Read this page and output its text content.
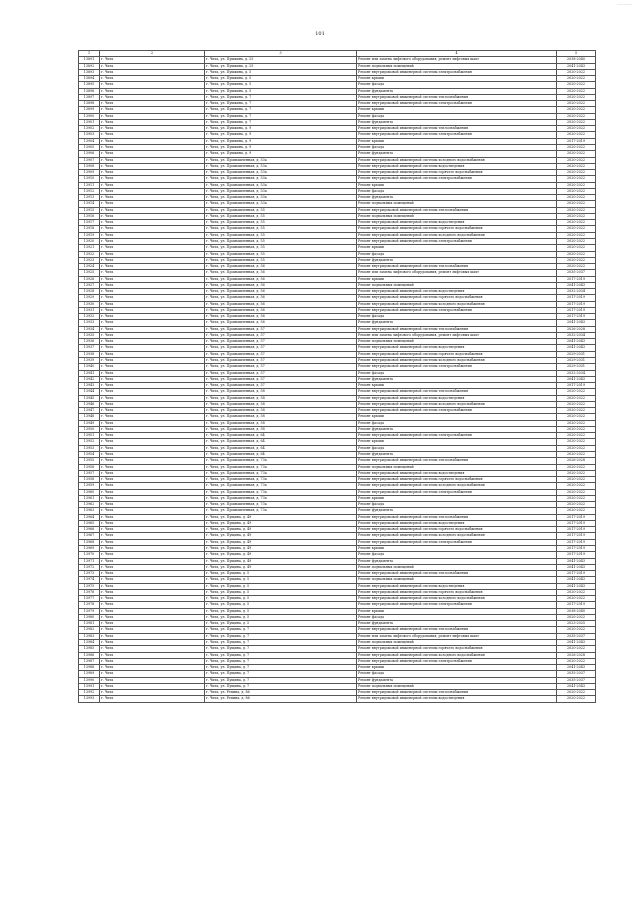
—————
101
1	2	3	4	5
13891	г. Чита	г. Чита, ул. Пушкина, д. 25	Ремонт или замена лифтового оборудования, ремонт лифтовых шахт	2038-2040
13892	г. Чита	г. Чита, ул. Пушкина, д. 25	Ремонт подвальных помещений	2041-2043
13893	г. Чита	г. Чита, ул. Пушкина, д. 5	Ремонт внутридомовой инженерной системы электроснабжения	2020-2022
13894	г. Чита	г. Чита, ул. Пушкина, д. 5	Ремонт крыши	2020-2022
13895	г. Чита	г. Чита, ул. Пушкина, д. 5	Ремонт фасада	2020-2022
13896	г. Чита	г. Чита, ул. Пушкина, д. 5	Ремонт фундамента	2020-2022
13897	г. Чита	г. Чита, ул. Пушкина, д. 7	Ремонт внутридомовой инженерной системы теплоснабжения	2020-2022
13898	г. Чита	г. Чита, ул. Пушкина, д. 7	Ремонт внутридомовой инженерной системы электроснабжения	2020-2022
13899	г. Чита	г. Чита, ул. Пушкина, д. 7	Ремонт крыши	2020-2022
13900	г. Чита	г. Чита, ул. Пушкина, д. 7	Ремонт фасада	2020-2022
13901	г. Чита	г. Чита, ул. Пушкина, д. 7	Ремонт фундамента	2020-2022
13902	г. Чита	г. Чита, ул. Пушкина, д. 9	Ремонт внутридомовой инженерной системы теплоснабжения	2020-2022
13903	г. Чита	г. Чита, ул. Пушкина, д. 9	Ремонт внутридомовой инженерной системы электроснабжения	2020-2022
13904	г. Чита	г. Чита, ул. Пушкина, д. 9	Ремонт крыши	2017-2019
13905	г. Чита	г. Чита, ул. Пушкина, д. 9	Ремонт фасада	2020-2022
13906	г. Чита	г. Чита, ул. Пушкина, д. 9	Ремонт фундамента	2020-2022
13907	г. Чита	г. Чита, ул. Промышленная, д. 53а	Ремонт внутридомовой инженерной системы холодного водоснабжения	2020-2022
13908	г. Чита	г. Чита, ул. Промышленная, д. 53а	Ремонт внутридомовой инженерной системы водоотведения	2020-2022
13909	г. Чита	г. Чита, ул. Промышленная, д. 53а	Ремонт внутридомовой инженерной системы горячего водоснабжения	2020-2022
13910	г. Чита	г. Чита, ул. Промышленная, д. 53а	Ремонт внутридомовой инженерной системы электроснабжения	2020-2022
13911	г. Чита	г. Чита, ул. Промышленная, д. 53а	Ремонт крыши	2020-2022
13912	г. Чита	г. Чита, ул. Промышленная, д. 53а	Ремонт фасада	2020-2022
13913	г. Чита	г. Чита, ул. Промышленная, д. 53а	Ремонт фундамента	2020-2022
13914	г. Чита	г. Чита, ул. Промышленная, д. 53а	Ремонт подвальных помещений	2020-2022
13915	г. Чита	г. Чита, ул. Промышленная, д. 55	Ремонт внутридомовой инженерной системы теплоснабжения	2020-2022
13916	г. Чита	г. Чита, ул. Промышленная, д. 55	Ремонт подвальных помещений	2020-2022
13917	г. Чита	г. Чита, ул. Промышленная, д. 55	Ремонт внутридомовой инженерной системы водоотведения	2020-2022
13918	г. Чита	г. Чита, ул. Промышленная, д. 55	Ремонт внутридомовой инженерной системы горячего водоснабжения	2020-2022
13919	г. Чита	г. Чита, ул. Промышленная, д. 55	Ремонт внутридомовой инженерной системы холодного водоснабжения	2020-2022
13920	г. Чита	г. Чита, ул. Промышленная, д. 55	Ремонт внутридомовой инженерной системы электроснабжения	2020-2022
13921	г. Чита	г. Чита, ул. Промышленная, д. 55	Ремонт крыши	2020-2022
13922	г. Чита	г. Чита, ул. Промышленная, д. 55	Ремонт фасада	2020-2022
13923	г. Чита	г. Чита, ул. Промышленная, д. 55	Ремонт фундамента	2020-2022
13924	г. Чита	г. Чита, ул. Промышленная, д. 56	Ремонт внутридомовой инженерной системы теплоснабжения	2020-2022
13925	г. Чита	г. Чита, ул. Промышленная, д. 56	Ремонт или замена лифтового оборудования, ремонт лифтовых шахт	2035-2037
13926	г. Чита	г. Чита, ул. Промышленная, д. 56	Ремонт крыши	2017-2019
13927	г. Чита	г. Чита, ул. Промышленная, д. 56	Ремонт подвальных помещений	2041-2043
13928	г. Чита	г. Чита, ул. Промышленная, д. 56	Ремонт внутридомовой инженерной системы водоотведения	2032-2034
13929	г. Чита	г. Чита, ул. Промышленная, д. 56	Ремонт внутридомовой инженерной системы горячего водоснабжения	2017-2019
13930	г. Чита	г. Чита, ул. Промышленная, д. 56	Ремонт внутридомовой инженерной системы холодного водоснабжения	2017-2019
13931	г. Чита	г. Чита, ул. Промышленная, д. 56	Ремонт внутридомовой инженерной системы электроснабжения	2017-2019
13932	г. Чита	г. Чита, ул. Промышленная, д. 56	Ремонт фасада	2017-2019
13933	г. Чита	г. Чита, ул. Промышленная, д. 56	Ремонт фундамента	2041-2043
13934	г. Чита	г. Чита, ул. Промышленная, д. 57	Ремонт внутридомовой инженерной системы теплоснабжения	2026-2028
13935	г. Чита	г. Чита, ул. Промышленная, д. 57	Ремонт или замена лифтового оборудования, ремонт лифтовых шахт	2032-2034
13936	г. Чита	г. Чита, ул. Промышленная, д. 57	Ремонт подвальных помещений	2041-2043
13937	г. Чита	г. Чита, ул. Промышленная, д. 57	Ремонт внутридомовой инженерной системы водоотведения	2041-2043
13938	г. Чита	г. Чита, ул. Промышленная, д. 57	Ремонт внутридомовой инженерной системы горячего водоснабжения	2029-2031
13939	г. Чита	г. Чита, ул. Промышленная, д. 57	Ремонт внутридомовой инженерной системы холодного водоснабжения	2029-2031
13940	г. Чита	г. Чита, ул. Промышленная, д. 57	Ремонт внутридомовой инженерной системы электроснабжения	2029-2031
13941	г. Чита	г. Чита, ул. Промышленная, д. 57	Ремонт фасада	2032-2034
13942	г. Чита	г. Чита, ул. Промышленная, д. 57	Ремонт фундамента	2041-2043
13943	г. Чита	г. Чита, ул. Промышленная, д. 57	Ремонт крыши	2017-2019
13944	г. Чита	г. Чита, ул. Промышленная, д. 58	Ремонт внутридомовой инженерной системы теплоснабжения	2020-2022
13945	г. Чита	г. Чита, ул. Промышленная, д. 58	Ремонт внутридомовой инженерной системы водоотведения	2020-2022
13946	г. Чита	г. Чита, ул. Промышленная, д. 58	Ремонт внутридомовой инженерной системы холодного водоснабжения	2020-2022
13947	г. Чита	г. Чита, ул. Промышленная, д. 58	Ремонт внутридомовой инженерной системы электроснабжения	2020-2022
13948	г. Чита	г. Чита, ул. Промышленная, д. 58	Ремонт крыши	2020-2022
13949	г. Чита	г. Чита, ул. Промышленная, д. 58	Ремонт фасада	2020-2022
13950	г. Чита	г. Чита, ул. Промышленная, д. 58	Ремонт фундамента	2020-2022
13951	г. Чита	г. Чита, ул. Промышленная, д. 64	Ремонт внутридомовой инженерной системы электроснабжения	2020-2022
13952	г. Чита	г. Чита, ул. Промышленная, д. 64	Ремонт крыши	2020-2022
13953	г. Чита	г. Чита, ул. Промышленная, д. 64	Ремонт фасада	2020-2022
13954	г. Чита	г. Чита, ул. Промышленная, д. 64	Ремонт фундамента	2020-2022
13955	г. Чита	г. Чита, ул. Промышленная, д. 73а	Ремонт внутридомовой инженерной системы теплоснабжения	2026-2028
13956	г. Чита	г. Чита, ул. Промышленная, д. 73а	Ремонт подвальных помещений	2020-2022
13957	г. Чита	г. Чита, ул. Промышленная, д. 73а	Ремонт внутридомовой инженерной системы водоотведения	2020-2022
13958	г. Чита	г. Чита, ул. Промышленная, д. 73а	Ремонт внутридомовой инженерной системы горячего водоснабжения	2020-2022
13959	г. Чита	г. Чита, ул. Промышленная, д. 73а	Ремонт внутридомовой инженерной системы холодного водоснабжения	2020-2022
13960	г. Чита	г. Чита, ул. Промышленная, д. 73а	Ремонт внутридомовой инженерной системы электроснабжения	2020-2022
13961	г. Чита	г. Чита, ул. Промышленная, д. 73а	Ремонт крыши	2020-2022
13962	г. Чита	г. Чита, ул. Промышленная, д. 73а	Ремонт фасада	2020-2022
13963	г. Чита	г. Чита, ул. Промышленная, д. 73а	Ремонт фундамента	2020-2022
13964	г. Чита	г. Чита, ул. Пущина, д. 49	Ремонт внутридомовой инженерной системы теплоснабжения	2017-2019
13965	г. Чита	г. Чита, ул. Пущина, д. 49	Ремонт внутридомовой инженерной системы водоотведения	2017-2019
13966	г. Чита	г. Чита, ул. Пущина, д. 49	Ремонт внутридомовой инженерной системы горячего водоснабжения	2017-2019
13967	г. Чита	г. Чита, ул. Пущина, д. 49	Ремонт внутридомовой инженерной системы холодного водоснабжения	2017-2019
13968	г. Чита	г. Чита, ул. Пущина, д. 49	Ремонт внутридомовой инженерной системы электроснабжения	2017-2019
13969	г. Чита	г. Чита, ул. Пущина, д. 49	Ремонт крыши	2017-2019
13970	г. Чита	г. Чита, ул. Пущина, д. 49	Ремонт фасада	2017-2019
13971	г. Чита	г. Чита, ул. Пущина, д. 49	Ремонт фундамента	2041-2043
13972	г. Чита	г. Чита, ул. Пущина, д. 49	Ремонт подвальных помещений	2041-2043
13973	г. Чита	г. Чита, ул. Пущина, д. 5	Ремонт внутридомовой инженерной системы теплоснабжения	2017-2019
13974	г. Чита	г. Чита, ул. Пущина, д. 5	Ремонт подвальных помещений	2041-2043
13975	г. Чита	г. Чита, ул. Пущина, д. 5	Ремонт внутридомовой инженерной системы водоотведения	2041-2043
13976	г. Чита	г. Чита, ул. Пущина, д. 5	Ремонт внутридомовой инженерной системы горячего водоснабжения	2020-2022
13977	г. Чита	г. Чита, ул. Пущина, д. 5	Ремонт внутридомовой инженерной системы холодного водоснабжения	2020-2022
13978	г. Чита	г. Чита, ул. Пущина, д. 5	Ремонт внутридомовой инженерной системы электроснабжения	2017-2019
13979	г. Чита	г. Чита, ул. Пущина, д. 5	Ремонт крыши	2038-2040
13980	г. Чита	г. Чита, ул. Пущина, д. 5	Ремонт фасада	2020-2022
13981	г. Чита	г. Чита, ул. Пущина, д. 5	Ремонт фундамента	2023-2025
13982	г. Чита	г. Чита, ул. Пущина, д. 7	Ремонт внутридомовой инженерной системы теплоснабжения	2020-2022
13983	г. Чита	г. Чита, ул. Пущина, д. 7	Ремонт или замена лифтового оборудования, ремонт лифтовых шахт	2035-2037
13984	г. Чита	г. Чита, ул. Пущина, д. 7	Ремонт подвальных помещений	2041-2043
13985	г. Чита	г. Чита, ул. Пущина, д. 7	Ремонт внутридомовой инженерной системы горячего водоснабжения	2020-2022
13986	г. Чита	г. Чита, ул. Пущина, д. 7	Ремонт внутридомовой инженерной системы холодного водоснабжения	2026-2028
13987	г. Чита	г. Чита, ул. Пущина, д. 7	Ремонт внутридомовой инженерной системы электроснабжения	2020-2022
13988	г. Чита	г. Чита, ул. Пущина, д. 7	Ремонт крыши	2041-2043
13989	г. Чита	г. Чита, ул. Пущина, д. 7	Ремонт фасада	2035-2037
13990	г. Чита	г. Чита, ул. Пущина, д. 7	Ремонт фундамента	2035-2037
13991	г. Чита	г. Чита, ул. Пущина, д. 7	Ремонт подвальных помещений	2041-2043
13992	г. Чита	г. Чита, ул. Репина, д. 86	Ремонт внутридомовой инженерной системы теплоснабжения	2020-2022
13993	г. Чита	г. Чита, ул. Репина, д. 86	Ремонт внутридомовой инженерной системы водоотведения	2020-2022
